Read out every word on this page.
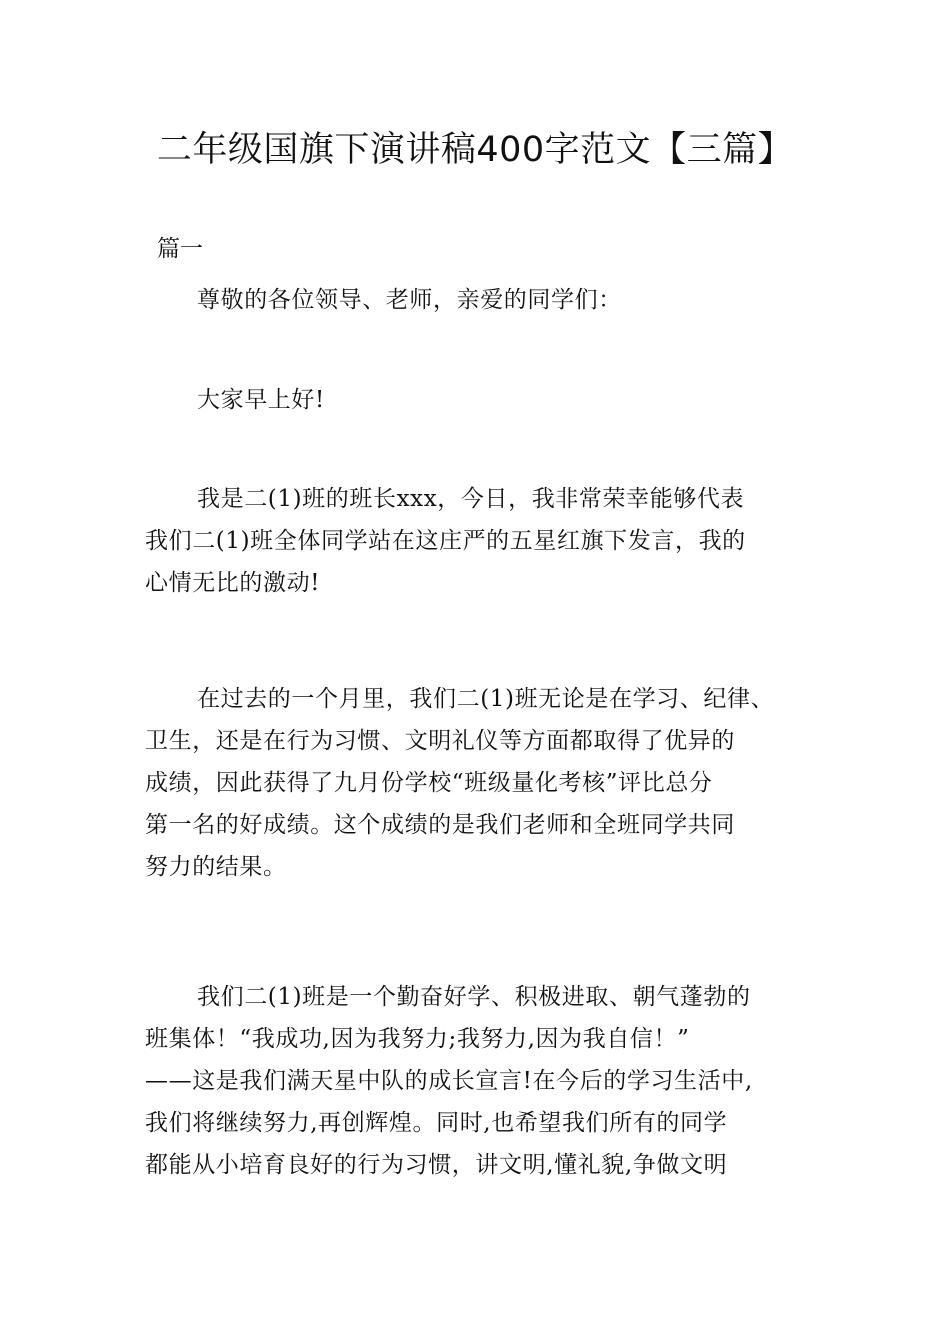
二年级国旗下演讲稿400字范文【三篇】

篇一

尊敬的各位领导、老师，亲爱的同学们：

大家早上好!

我是二(1)班的班长xxx，今日，我非常荣幸能够代表
我们二(1)班全体同学站在这庄严的五星红旗下发言，我的
心情无比的激动!

在过去的一个月里，我们二(1)班无论是在学习、纪律、
卫生，还是在行为习惯、文明礼仪等方面都取得了优异的
成绩，因此获得了九月份学校“班级量化考核”评比总分
第一名的好成绩。这个成绩的是我们老师和全班同学共同
努力的结果。

我们二(1)班是一个勤奋好学、积极进取、朝气蓬勃的
班集体！“我成功,因为我努力;我努力,因为我自信！”
——这是我们满天星中队的成长宣言!在今后的学习生活中,
我们将继续努力,再创辉煌。同时,也希望我们所有的同学
都能从小培育良好的行为习惯，讲文明,懂礼貌,争做文明
